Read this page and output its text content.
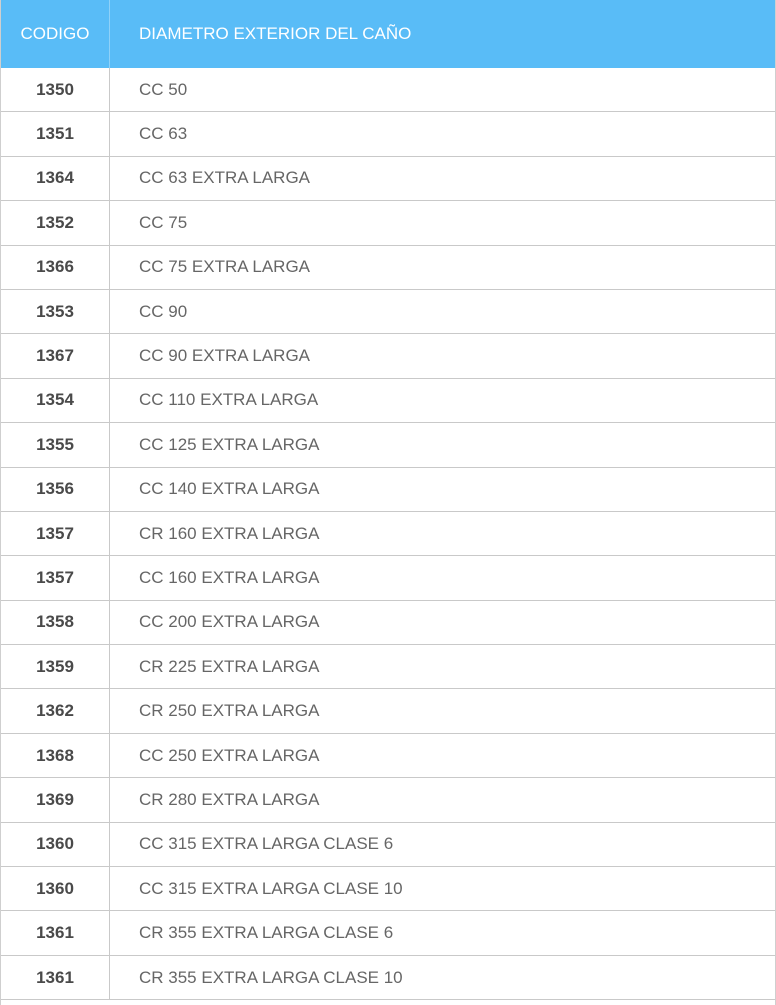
CODIGO	DIAMETRO EXTERIOR DEL CAÑO
1350	CC 50
1351	CC 63
1364	CC 63 EXTRA LARGA
1352	CC 75
1366	CC 75 EXTRA LARGA
1353	CC 90
1367	CC 90 EXTRA LARGA
1354	CC 110 EXTRA LARGA
1355	CC 125 EXTRA LARGA
1356	CC 140 EXTRA LARGA
1357	CR 160 EXTRA LARGA
1357	CC 160 EXTRA LARGA
1358	CC 200 EXTRA LARGA
1359	CR 225 EXTRA LARGA
1362	CR 250 EXTRA LARGA
1368	CC 250 EXTRA LARGA
1369	CR 280 EXTRA LARGA
1360	CC 315 EXTRA LARGA CLASE 6
1360	CC 315 EXTRA LARGA CLASE 10
1361	CR 355 EXTRA LARGA CLASE 6
1361	CR 355 EXTRA LARGA CLASE 10
